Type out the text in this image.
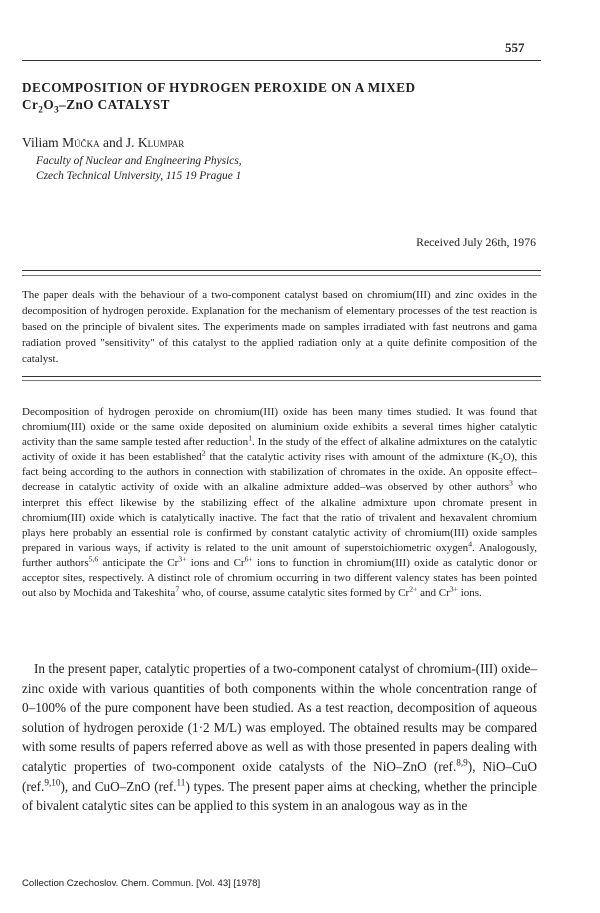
557
DECOMPOSITION OF HYDROGEN PEROXIDE ON A MIXED
$Cr_2O_3$–ZnO CATALYST
Viliam Múčka and J. Klumpar
Faculty of Nuclear and Engineering Physics,
Czech Technical University, 115 19 Prague 1
Received July 26th, 1976

The paper deals with the behaviour of a two-component catalyst based on chromium(III) and zinc oxides in the decomposition of hydrogen peroxide. Explanation for the mechanism of elementary processes of the test reaction is based on the principle of bivalent sites. The experiments made on samples irradiated with fast neutrons and gama radiation proved "sensitivity" of this catalyst to the applied radiation only at a quite definite composition of the catalyst.

Decomposition of hydrogen peroxide on chromium(III) oxide has been many times studied. It was found that chromium(III) oxide or the same oxide deposited on aluminium oxide exhibits a several times higher catalytic activity than the same sample tested after reduction$^1$. In the study of the effect of alkaline admixtures on the catalytic activity of oxide it has been established$^2$ that the catalytic activity rises with amount of the admixture $(K_2O)$, this fact being according to the authors in connection with stabilization of chromates in the oxide. An opposite effect–decrease in catalytic activity of oxide with an alkaline admixture added–was observed by other authors$^3$ who interpret this effect likewise by the stabilizing effect of the alkaline admixture upon chromate present in chromium(III) oxide which is catalytically inactive. The fact that the ratio of trivalent and hexavalent chromium plays here probably an essential role is confirmed by constant catalytic activity of chromium(III) oxide samples prepared in various ways, if activity is related to the unit amount of superstoichiometric oxygen$^4$. Analogously, further authors$^{5,6}$ anticipate the $Cr^{3+}$ ions and $Cr^{6+}$ ions to function in chromium(III) oxide as catalytic donor or acceptor sites, respectively. A distinct role of chromium occurring in two different valency states has been pointed out also by Mochida and Takeshita$^7$ who, of course, assume catalytic sites formed by $Cr^{2+}$ and $Cr^{3+}$ ions.

In the present paper, catalytic properties of a two-component catalyst of chromium-(III) oxide–zinc oxide with various quantities of both components within the whole concentration range of 0–100% of the pure component have been studied. As a test reaction, decomposition of aqueous solution of hydrogen peroxide (1·2 M/L) was employed. The obtained results may be compared with some results of papers referred above as well as with those presented in papers dealing with catalytic properties of two-component oxide catalysts of the NiO–ZnO (ref.$^{8,9}$), NiO–CuO (ref.$^{9,10}$), and CuO–ZnO (ref.$^{11}$) types. The present paper aims at checking, whether the principle of bivalent catalytic sites can be applied to this system in an analogous way as in the

Collection Czechoslov. Chem. Commun. [Vol. 43] [1978]
